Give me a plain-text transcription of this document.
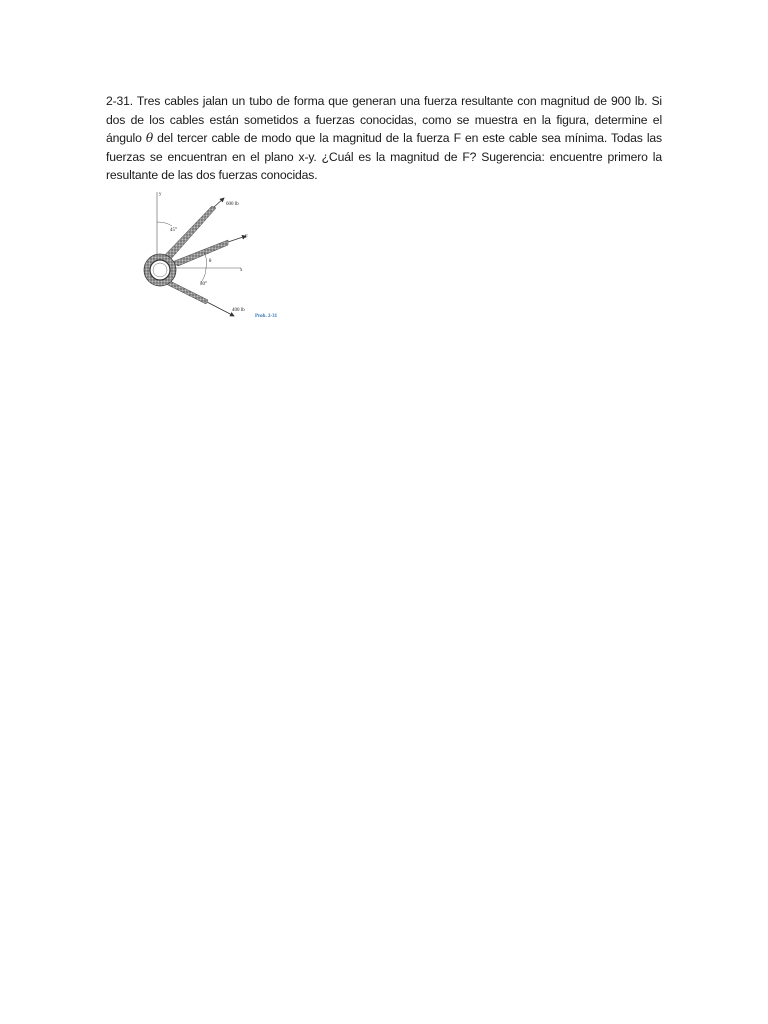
2-31. Tres cables jalan un tubo de forma que generan una fuerza resultante con magnitud de 900 lb. Si dos de los cables están sometidos a fuerzas conocidas, como se muestra en la figura, determine el ángulo θ del tercer cable de modo que la magnitud de la fuerza F en este cable sea mínima. Todas las fuerzas se encuentran en el plano x-y. ¿Cuál es la magnitud de F? Sugerencia: encuentre primero la resultante de las dos fuerzas conocidas.

y
x
45°
600 lb
F
400 lb
θ
30°
Prob. 2-31
